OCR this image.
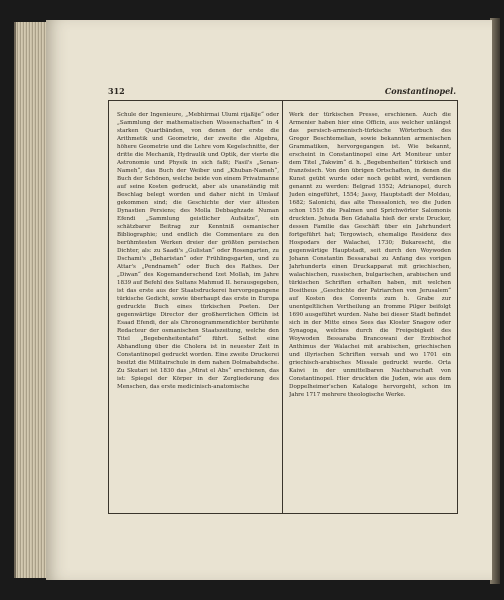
312	Constantinopel.
Schule der Ingenieure, „Mebhirmai Ulumi rijaßije“ oder „Sammlung der mathematischen Wissenschaften“ in 4 starken Quartbänden, von denen der erste die Arithmetik und Geometrie, der zweite die Algebra, höhere Geometrie und die Lehre vom Kegelschnitte, der dritte die Mechanik, Hydraulik und Optik, der vierte die Astronomie und Physik in sich faßt; Fasil's „Senan-Nameh“, das Buch der Weiber und „Khuban-Nameh“, Buch der Schönen, welche beide von einem Privatmanne auf seine Kosten gedruckt, aber als unanständig mit Beschlag belegt worden und daher nicht in Umlauf gekommen sind; die Geschichte der vier ältesten Dynastien Persiens; des Molla Debbaghzade Numan Efendi „Sammlung geistlicher Aufsätze“, ein schätzbarer Beitrag zur Kenntniß osmanischer Bibliographie; und endlich die Commentare zu den berühmtesten Werken dreier der größten persischen Dichter, als: zu Saadi's „Gulistan“ oder Rosengarten, zu Dschami's „Beharistan“ oder Frühlingsgarten, und zu Attar's „Pendnameh“ oder Buch des Rathes. Der „Diwan“ des Kogemanderschend Izet Mollah, im Jahre 1839 auf Befehl des Sultans Mahmud II. herausgegeben, ist das erste aus der Staatsdruckerei hervorgegangene türkische Gedicht, sowie überhaupt das erste in Europa gedruckte Buch eines türkischen Poeten. Der gegenwärtige Director der großherrlichen Officin ist Esaad Efendi, der als Chronogrammendichter berühmte Redacteur der osmanischen Staatszeitung, welche den Titel „Begebenheitentafel“ führt. Selbst eine Abhandlung über die Cholera ist in neuester Zeit in Constantinopel gedruckt worden. Eine zweite Druckerei besitzt die Militairschule in dem nahen Dolmabahdsche. Zu Skutari ist 1830 das „Mirat el Abs“ erschienen, das ist: Spiegel der Körper in der Zergliederung des Menschen, das erste medicinisch-anatomische
Werk der türkischen Presse, erschienen. Auch die Armenier haben hier eine Officin, aus welcher unlängst das persisch-armenisch-türkische Wörterbuch des Gregor Beschtemelian, sowie bekannten armenischen Grammatiken, hervorgegangen ist. Wie bekannt, erscheint in Constantinopel eine Art Moniteur unter dem Titel „Takwim“ d. h. „Begebenheiten“ türkisch und französisch. Von den übrigen Ortschaften, in denen die Kunst geübt wurde oder noch geübt wird, verdienen genannt zu werden: Belgrad 1552; Adrianopel, durch Juden eingeführt, 1554; Jassy, Hauptstadt der Moldau, 1682; Salonichi, das alte Thessalonich, wo die Juden schon 1515 die Psalmen und Sprichwörter Salomonis druckten. Jehuda Ben Gdahalia hieß der erste Drucker, dessen Familie das Geschäft über ein Jahrhundert fortgeführt hat; Tergowisch, ehemalige Residenz des Hospodars der Walachei, 1730; Bukarescht, die gegenwärtige Hauptstadt, seit durch den Woywoden Johann Constantin Bessarabai zu Anfang des vorigen Jahrhunderts einen Druckapparat mit griechischen, walachischen, russischen, bulgarischen, arabischen und türkischen Schriften erhalten haben, mit welchen Dositheus „Geschichte der Patriarchen von Jerusalem“ auf Kosten des Convents zum h. Grabe zur unentgeltlichen Vertheilung an fromme Pilger beifolgt 1690 ausgeführt wurden. Nahe bei dieser Stadt befindet sich in der Mitte eines Sees das Kloster Snagow oder Synagoga, welches durch die Freigebigkeit des Woywoden Bessaraba Brancowani der Erzbischof Anthimus der Walachei mit arabischen, griechischen und illyrischen Schriften versah und wo 1701 ein griechisch-arabisches Missale gedruckt wurde. Orta Kaiwi in der unmittelbaren Nachbarschaft von Constantinopel. Hier druckten die Juden, wie aus dem Doppelheimer'schen Kataloge hervorgeht, schon im Jahre 1717 mehrere theologische Werke.
